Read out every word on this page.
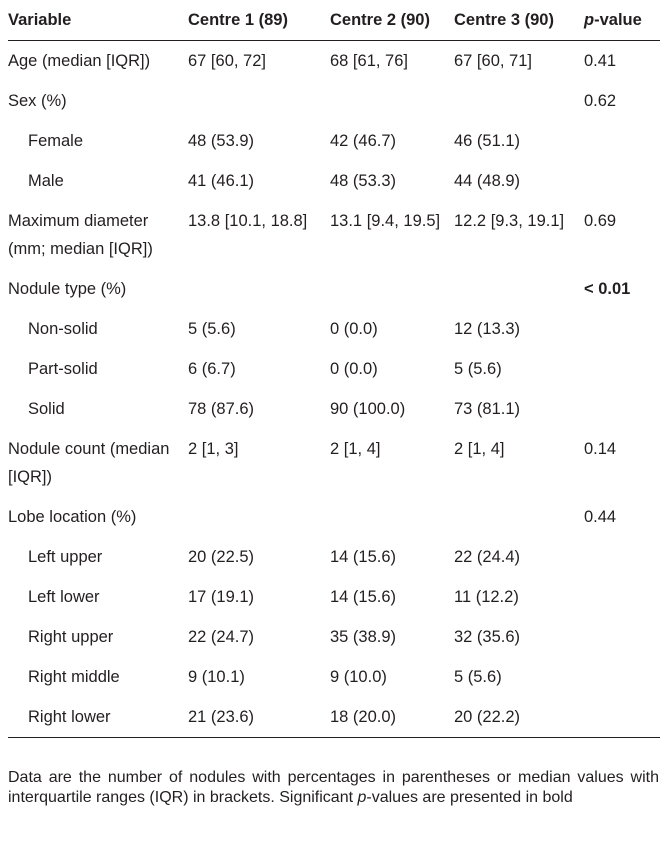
Variable	Centre 1 (89)	Centre 2 (90)	Centre 3 (90)	p-value
Age (median [IQR])	67 [60, 72]	68 [61, 76]	67 [60, 71]	0.41
Sex (%)				0.62
Female	48 (53.9)	42 (46.7)	46 (51.1)	
Male	41 (46.1)	48 (53.3)	44 (48.9)	
Maximum diameter (mm; median [IQR])	13.8 [10.1, 18.8]	13.1 [9.4, 19.5]	12.2 [9.3, 19.1]	0.69
Nodule type (%)				< 0.01
Non-solid	5 (5.6)	0 (0.0)	12 (13.3)	
Part-solid	6 (6.7)	0 (0.0)	5 (5.6)	
Solid	78 (87.6)	90 (100.0)	73 (81.1)	
Nodule count (median [IQR])	2 [1, 3]	2 [1, 4]	2 [1, 4]	0.14
Lobe location (%)				0.44
Left upper	20 (22.5)	14 (15.6)	22 (24.4)	
Left lower	17 (19.1)	14 (15.6)	11 (12.2)	
Right upper	22 (24.7)	35 (38.9)	32 (35.6)	
Right middle	9 (10.1)	9 (10.0)	5 (5.6)	
Right lower	21 (23.6)	18 (20.0)	20 (22.2)	
Data are the number of nodules with percentages in parentheses or median values with interquartile ranges (IQR) in brackets. Significant p-values are presented in bold
